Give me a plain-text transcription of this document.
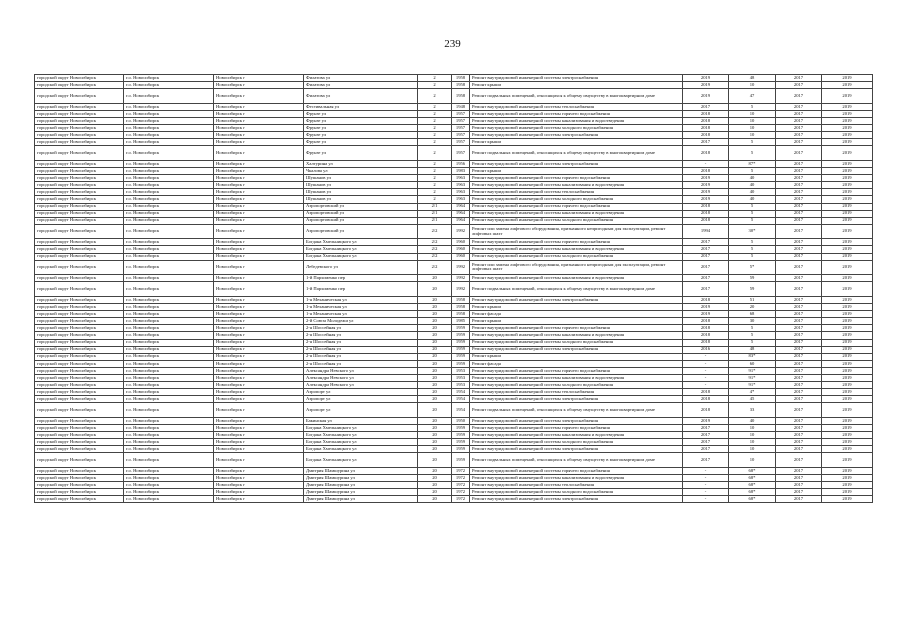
239
городской округ Новосибирск	г.о. Новосибирск	Новосибирск г	Филатова ул	2	1958	Ремонт внутридомовой инженерной системы электроснабжения	2019	48	2017	2019
городской округ Новосибирск	г.о. Новосибирск	Новосибирск г	Филатова ул	2	1958	Ремонт крыши	2019	10	2017	2019
городской округ Новосибирск	г.о. Новосибирск	Новосибирск г	Филатова ул	2	1958	Ремонт подвальных помещений, относящихся к общему имуществу в многоквартирном доме	2019	47	2017	2019
городской округ Новосибирск	г.о. Новосибирск	Новосибирск г	Фестивальная ул	2	1948	Ремонт внутридомовой инженерной системы теплоснабжения	2017	5	2017	2019
городской округ Новосибирск	г.о. Новосибирск	Новосибирск г	Фрунзе ул	2	1957	Ремонт внутридомовой инженерной системы горячего водоснабжения	2018	10	2017	2019
городской округ Новосибирск	г.о. Новосибирск	Новосибирск г	Фрунзе ул	2	1957	Ремонт внутридомовой инженерной системы канализования и водоотведения	2018	10	2017	2019
городской округ Новосибирск	г.о. Новосибирск	Новосибирск г	Фрунзе ул	2	1957	Ремонт внутридомовой инженерной системы холодного водоснабжения	2018	10	2017	2019
городской округ Новосибирск	г.о. Новосибирск	Новосибирск г	Фрунзе ул	2	1957	Ремонт внутридомовой инженерной системы электроснабжения	2018	10	2017	2019
городской округ Новосибирск	г.о. Новосибирск	Новосибирск г	Фрунзе ул	2	1957	Ремонт крыши	2017	5	2017	2019
городской округ Новосибирск	г.о. Новосибирск	Новосибирск г	Фрунзе ул	2	1957	Ремонт подвальных помещений, относящихся к общему имуществу в многоквартирном доме	2018	5	2017	2019
городской округ Новосибирск	г.о. Новосибирск	Новосибирск г	Халтурина ул	2	1956	Ремонт внутридомовой инженерной системы электроснабжения	-	87*	2017	2019
городской округ Новосибирск	г.о. Новосибирск	Новосибирск г	Чкалова ул	2	1983	Ремонт крыши	2018	5	2017	2019
городской округ Новосибирск	г.о. Новосибирск	Новосибирск г	Шушанов ул	2	1963	Ремонт внутридомовой инженерной системы горячего водоснабжения	2019	40	2017	2019
городской округ Новосибирск	г.о. Новосибирск	Новосибирск г	Шушанов ул	2	1963	Ремонт внутридомовой инженерной системы канализования и водоотведения	2019	40	2017	2019
городской округ Новосибирск	г.о. Новосибирск	Новосибирск г	Шушанов ул	2	1963	Ремонт внутридомовой инженерной системы теплоснабжения	2019	40	2017	2019
городской округ Новосибирск	г.о. Новосибирск	Новосибирск г	Шушанов ул	2	1963	Ремонт внутридомовой инженерной системы холодного водоснабжения	2019	40	2017	2019
городской округ Новосибирск	г.о. Новосибирск	Новосибирск г	Аэропортовский ул	2/1	1964	Ремонт внутридомовой инженерной системы горячего водоснабжения	2018	5	2017	2019
городской округ Новосибирск	г.о. Новосибирск	Новосибирск г	Аэропортовский ул	2/1	1964	Ремонт внутридомовой инженерной системы канализования и водоотведения	2018	5	2017	2019
городской округ Новосибирск	г.о. Новосибирск	Новосибирск г	Аэропортовский ул	2/1	1964	Ремонт внутридомовой инженерной системы холодного водоснабжения	2018	5	2017	2019
городской округ Новосибирск	г.о. Новосибирск	Новосибирск г	Аэропортовский ул	2/2	1992	Ремонт или замена лифтового оборудования, признанного непригодным для эксплуатации, ремонт лифтовых шахт	1994	30*	2017	2019
городской округ Новосибирск	г.о. Новосибирск	Новосибирск г	Богдана Хмельницкого ул	2/2	1960	Ремонт внутридомовой инженерной системы горячего водоснабжения	2017	5	2017	2019
городской округ Новосибирск	г.о. Новосибирск	Новосибирск г	Богдана Хмельницкого ул	2/2	1960	Ремонт внутридомовой инженерной системы канализования и водоотведения	2017	5	2017	2019
городской округ Новосибирск	г.о. Новосибирск	Новосибирск г	Богдана Хмельницкого ул	2/2	1960	Ремонт внутридомовой инженерной системы холодного водоснабжения	2017	5	2017	2019
городской округ Новосибирск	г.о. Новосибирск	Новосибирск г	Лебедевского ул	2/2	1992	Ремонт или замена лифтового оборудования, признанного непригодным для эксплуатации, ремонт лифтовых шахт	2017	5*	2017	2019
городской округ Новосибирск	г.о. Новосибирск	Новосибирск г	1-й Пархоменко пер	20	1992	Ремонт внутридомовой инженерной системы канализования и водоотведения	2017	59	2017	2019
городской округ Новосибирск	г.о. Новосибирск	Новосибирск г	1-й Пархоменко пер	20	1992	Ремонт подвальных помещений, относящихся к общему имуществу в многоквартирном доме	2017	59	2017	2019
городской округ Новосибирск	г.о. Новосибирск	Новосибирск г	1-я Механическая ул	20	1958	Ремонт внутридомовой инженерной системы электроснабжения	2018	51	2017	2019
городской округ Новосибирск	г.о. Новосибирск	Новосибирск г	1-я Механическая ул	20	1958	Ремонт крыши	2019	20	2017	2019
городской округ Новосибирск	г.о. Новосибирск	Новосибирск г	1-я Механическая ул	20	1958	Ремонт фасада	2019	68	2017	2019
городской округ Новосибирск	г.о. Новосибирск	Новосибирск г	2-й Союза Молодежи ул	20	1985	Ремонт крыши	2018	30	2017	2019
городской округ Новосибирск	г.о. Новосибирск	Новосибирск г	2-я Шоссейная ул	20	1959	Ремонт внутридомовой инженерной системы горячего водоснабжения	2018	5	2017	2019
городской округ Новосибирск	г.о. Новосибирск	Новосибирск г	2-я Шоссейная ул	20	1959	Ремонт внутридомовой инженерной системы канализования и водоотведения	2018	5	2017	2019
городской округ Новосибирск	г.о. Новосибирск	Новосибирск г	2-я Шоссейная ул	20	1959	Ремонт внутридомовой инженерной системы холодного водоснабжения	2018	5	2017	2019
городской округ Новосибирск	г.о. Новосибирск	Новосибирск г	2-я Шоссейная ул	20	1959	Ремонт внутридомовой инженерной системы электроснабжения	2016	48	2017	2019
городской округ Новосибирск	г.о. Новосибирск	Новосибирск г	2-я Шоссейная ул	20	1959	Ремонт крыши	-	83*	2017	2019
городской округ Новосибирск	г.о. Новосибирск	Новосибирск г	2-я Шоссейная ул	20	1959	Ремонт фасада	-	60	2017	2019
городской округ Новосибирск	г.о. Новосибирск	Новосибирск г	Александра Невского ул	20	1953	Ремонт внутридомовой инженерной системы горячего водоснабжения	-	91*	2017	2019
городской округ Новосибирск	г.о. Новосибирск	Новосибирск г	Александра Невского ул	20	1953	Ремонт внутридомовой инженерной системы канализования и водоотведения	-	91*	2017	2019
городской округ Новосибирск	г.о. Новосибирск	Новосибирск г	Александра Невского ул	20	1953	Ремонт внутридомовой инженерной системы холодного водоснабжения	-	91*	2017	2019
городской округ Новосибирск	г.о. Новосибирск	Новосибирск г	Аэропорт ул	20	1954	Ремонт внутридомовой инженерной системы теплоснабжения	2018	4*	2017	2019
городской округ Новосибирск	г.о. Новосибирск	Новосибирск г	Аэропорт ул	20	1954	Ремонт внутридомовой инженерной системы электроснабжения	2018	45	2017	2019
городской округ Новосибирск	г.о. Новосибирск	Новосибирск г	Аэропорт ул	20	1954	Ремонт подвальных помещений, относящихся к общему имуществу в многоквартирном доме	2018	33	2017	2019
городской округ Новосибирск	г.о. Новосибирск	Новосибирск г	Бакинская ул	20	1950	Ремонт внутридомовой инженерной системы электроснабжения	2019	40	2017	2019
городской округ Новосибирск	г.о. Новосибирск	Новосибирск г	Богдана Хмельницкого ул	20	1959	Ремонт внутридомовой инженерной системы горячего водоснабжения	2017	10	2017	2019
городской округ Новосибирск	г.о. Новосибирск	Новосибирск г	Богдана Хмельницкого ул	20	1959	Ремонт внутридомовой инженерной системы канализования и водоотведения	2017	10	2017	2019
городской округ Новосибирск	г.о. Новосибирск	Новосибирск г	Богдана Хмельницкого ул	20	1959	Ремонт внутридомовой инженерной системы холодного водоснабжения	2017	10	2017	2019
городской округ Новосибирск	г.о. Новосибирск	Новосибирск г	Богдана Хмельницкого ул	20	1959	Ремонт внутридомовой инженерной системы электроснабжения	2017	10	2017	2019
городской округ Новосибирск	г.о. Новосибирск	Новосибирск г	Богдана Хмельницкого ул	20	1959	Ремонт подвальных помещений, относящихся к общему имуществу в многоквартирном доме	2017	10	2017	2019
городской округ Новосибирск	г.о. Новосибирск	Новосибирск г	Дмитрия Шамшурина ул	20	1972	Ремонт внутридомовой инженерной системы горячего водоснабжения	-	68*	2017	2019
городской округ Новосибирск	г.о. Новосибирск	Новосибирск г	Дмитрия Шамшурина ул	20	1972	Ремонт внутридомовой инженерной системы канализования и водоотведения	-	68*	2017	2019
городской округ Новосибирск	г.о. Новосибирск	Новосибирск г	Дмитрия Шамшурина ул	20	1972	Ремонт внутридомовой инженерной системы теплоснабжения	-	68*	2017	2019
городской округ Новосибирск	г.о. Новосибирск	Новосибирск г	Дмитрия Шамшурина ул	20	1972	Ремонт внутридомовой инженерной системы холодного водоснабжения	-	68*	2017	2019
городской округ Новосибирск	г.о. Новосибирск	Новосибирск г	Дмитрия Шамшурина ул	20	1972	Ремонт внутридомовой инженерной системы электроснабжения	-	68*	2017	2019
